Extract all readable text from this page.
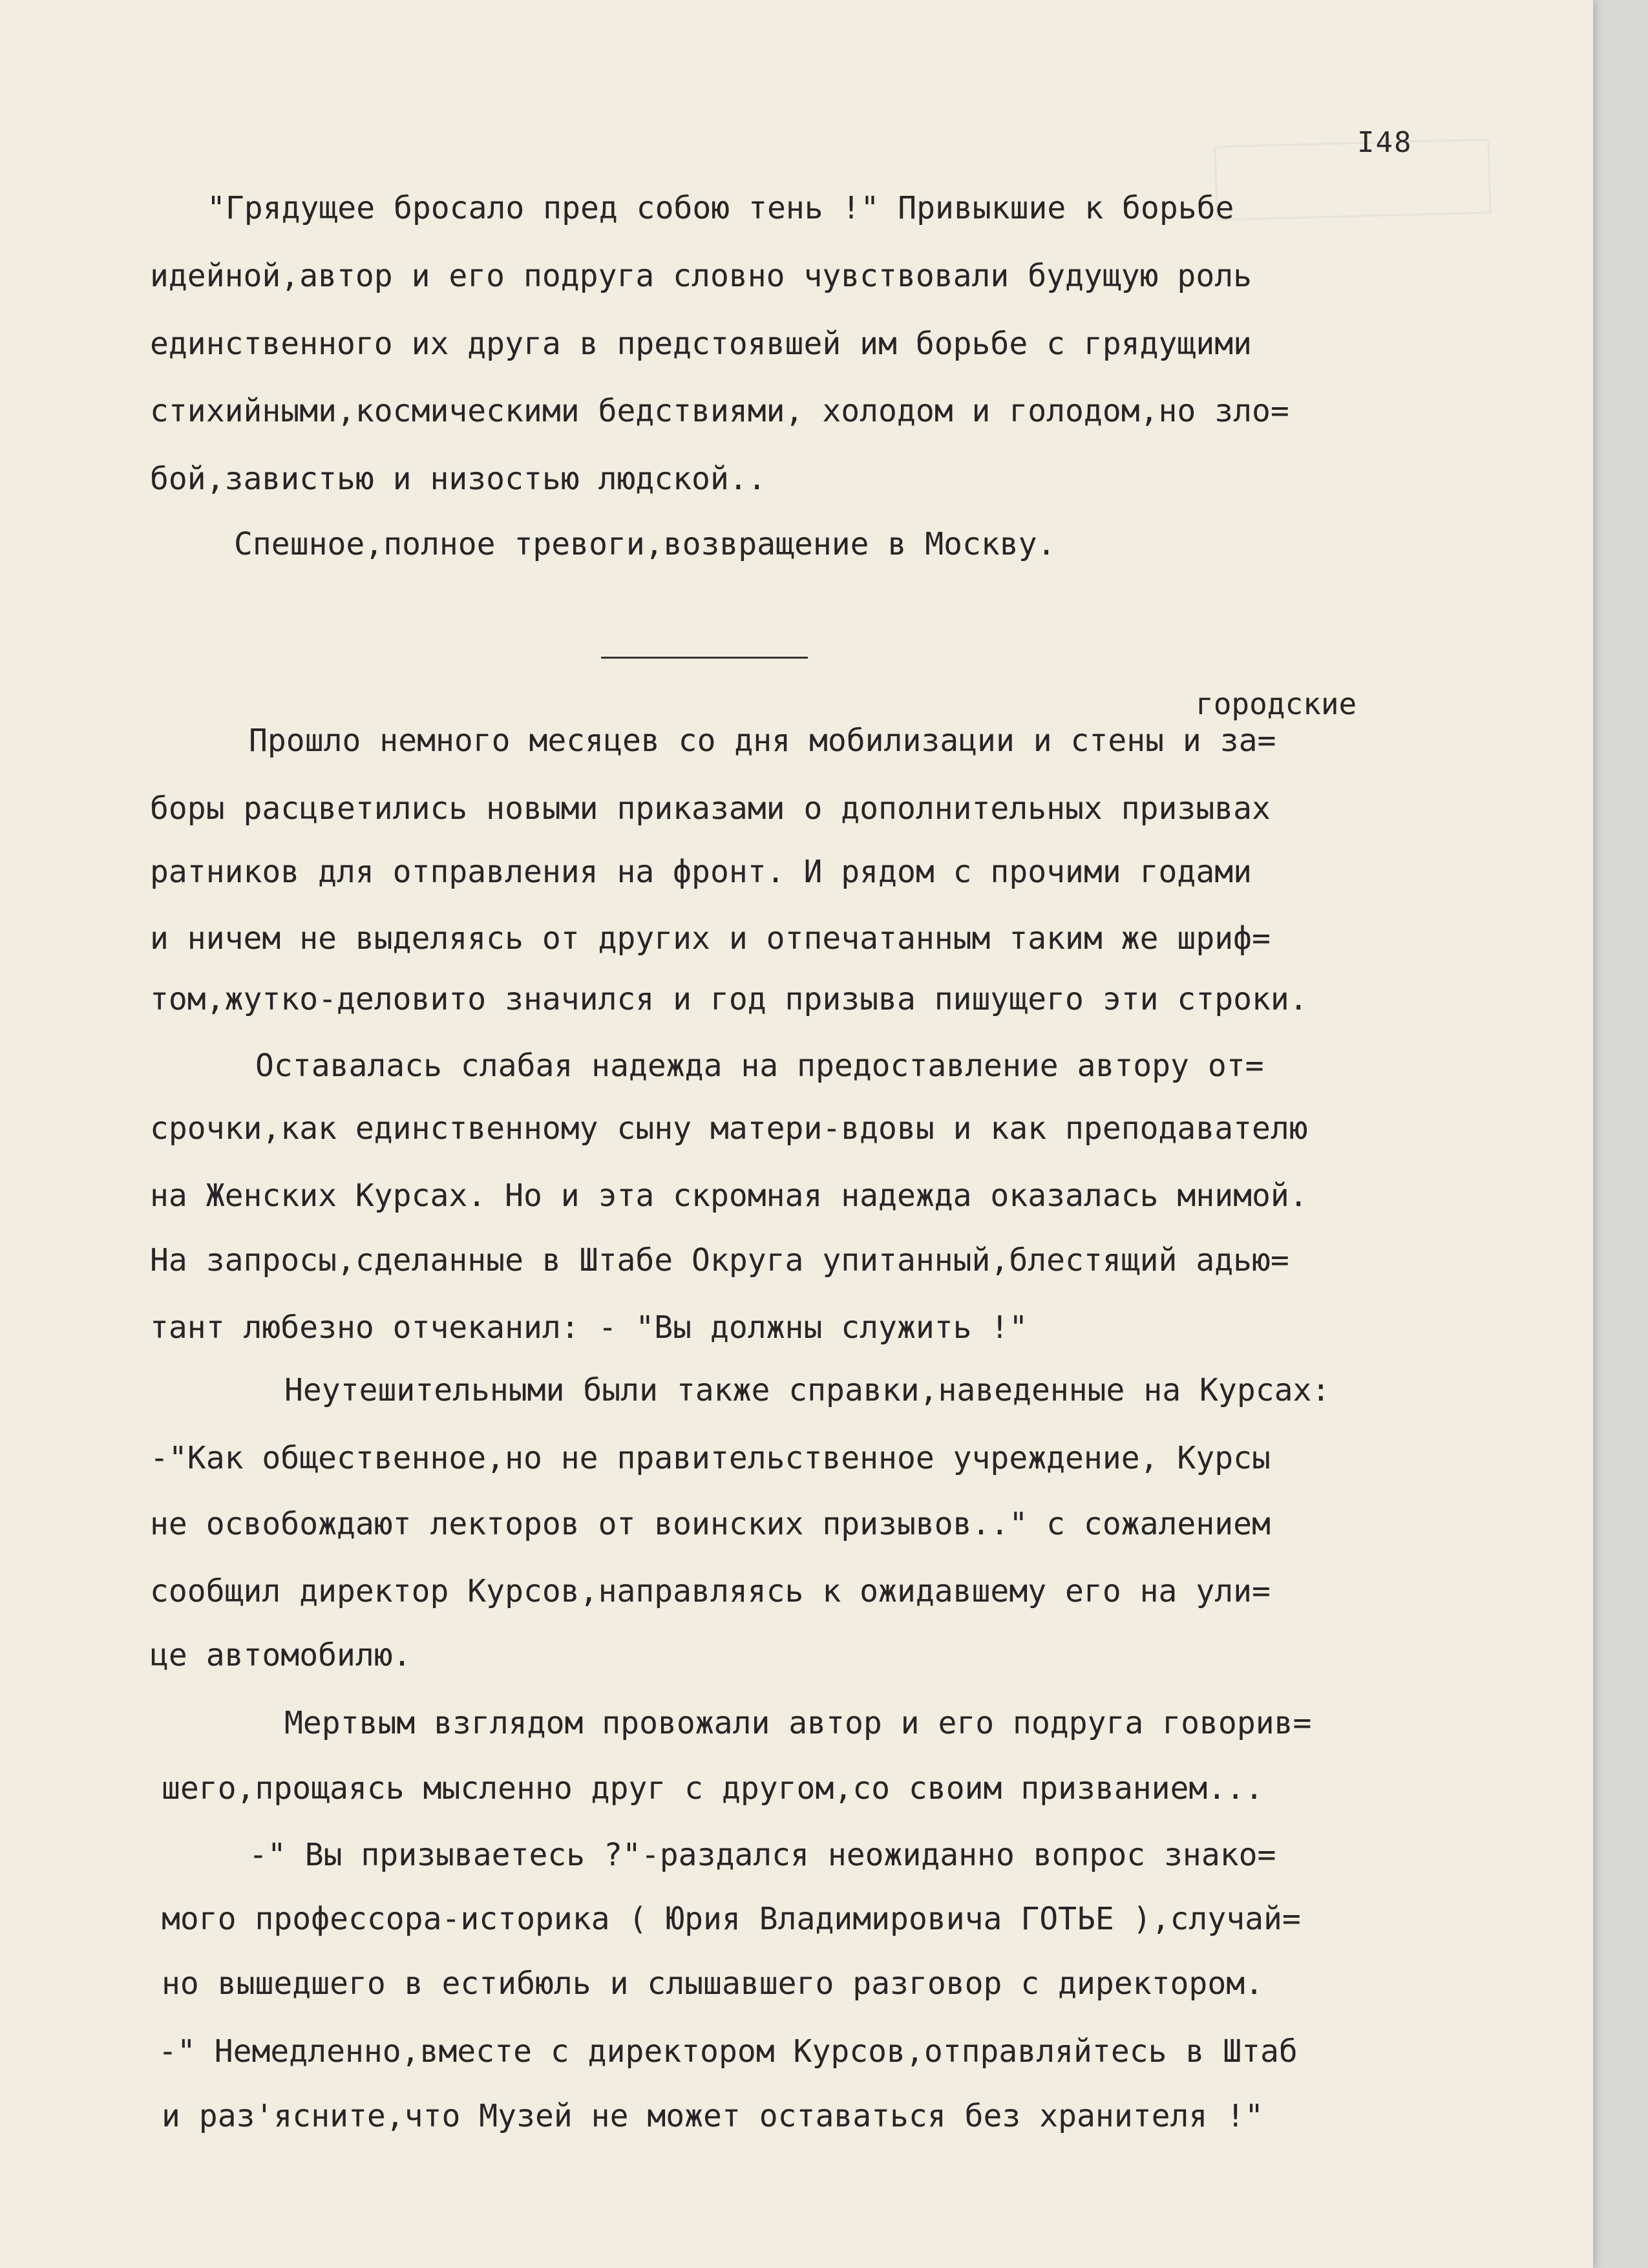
I48
"Грядущее бросало пред собою тень !" Привыкшие к борьбе
идейной,автор и его подруга словно чувствовали будущую роль
единственного их друга в предстоявшей им борьбе с грядущими
стихийными,космическими бедствиями, холодом и голодом,но зло=
бой,завистью и низостью людской..
Спешное,полное тревоги,возвращение в Москву.
городские
Прошло немного месяцев со дня мобилизации и стены и за=
боры расцветились новыми приказами о дополнительных призывах
ратников для отправления на фронт. И рядом с прочими годами
и ничем не выделяясь от других и отпечатанным таким же шриф=
том,жутко-деловито значился и год призыва пишущего эти строки.
Оставалась слабая надежда на предоставление автору от=
срочки,как единственному сыну матери-вдовы и как преподавателю
на Женских Курсах. Но и эта скромная надежда оказалась мнимой.
На запросы,сделанные в Штабе Округа упитанный,блестящий адью=
тант любезно отчеканил: - "Вы должны служить !"
Неутешительными были также справки,наведенные на Курсах:
-"Как общественное,но не правительственное учреждение, Курсы
не освобождают лекторов от воинских призывов.." с сожалением
сообщил директор Курсов,направляясь к ожидавшему его на ули=
це автомобилю.
Мертвым взглядом провожали автор и его подруга говорив=
шего,прощаясь мысленно друг с другом,со своим призванием...
-" Вы призываетесь ?"-раздался неожиданно вопрос знако=
мого профессора-историка ( Юрия Владимировича ГОТЬЕ ),случай=
но вышедшего в естибюль и слышавшего разговор с директором.
-" Немедленно,вместе с директором Курсов,отправляйтесь в Штаб
и раз'ясните,что Музей не может оставаться без хранителя !"
